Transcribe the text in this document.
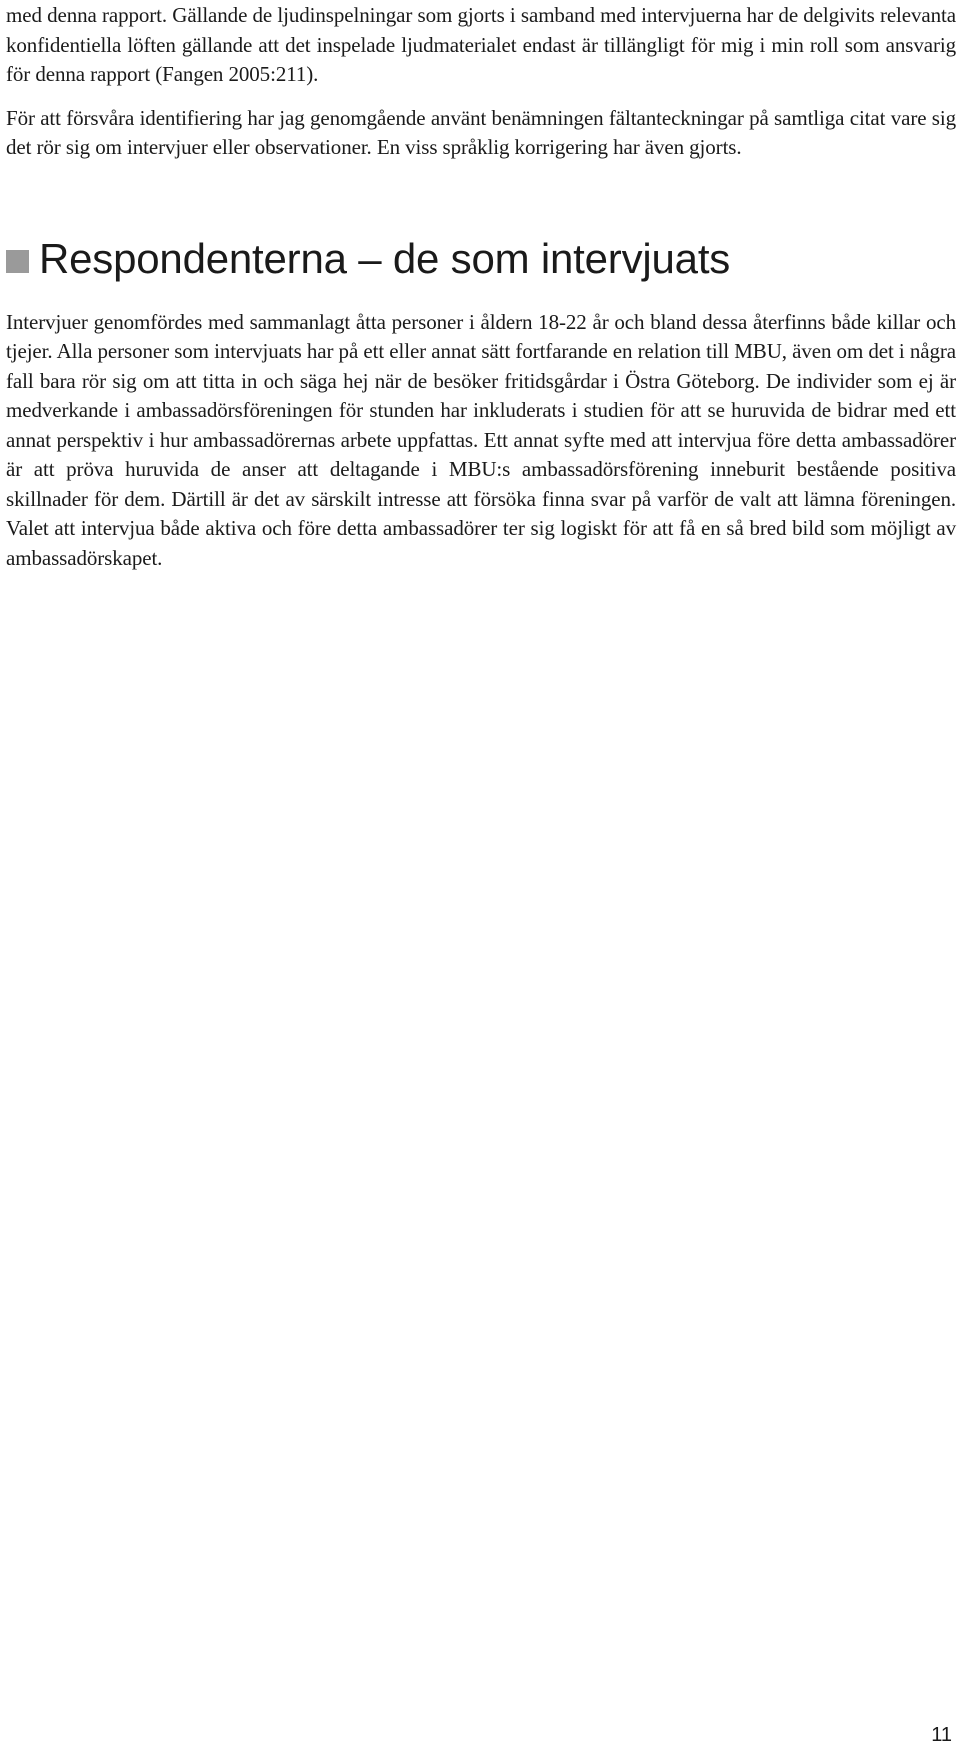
med denna rapport. Gällande de ljudinspelningar som gjorts i samband med intervjuerna har de delgivits relevanta konfidentiella löften gällande att det inspelade ljudmaterialet endast är tillängligt för mig i min roll som ansvarig för denna rapport (Fangen 2005:211).

För att försvåra identifiering har jag genomgående använt benämningen fältanteckningar på samtliga citat vare sig det rör sig om intervjuer eller observationer. En viss språklig korrigering har även gjorts.

Respondenterna – de som intervjuats

Intervjuer genomfördes med sammanlagt åtta personer i åldern 18-22 år och bland dessa återfinns både killar och tjejer. Alla personer som intervjuats har på ett eller annat sätt fortfarande en relation till MBU, även om det i några fall bara rör sig om att titta in och säga hej när de besöker fritidsgårdar i Östra Göteborg. De individer som ej är medverkande i ambassadörsföreningen för stunden har inkluderats i studien för att se huruvida de bidrar med ett annat perspektiv i hur ambassadörernas arbete uppfattas. Ett annat syfte med att intervjua före detta ambassadörer är att pröva huruvida de anser att deltagande i MBU:s ambassadörsförening inneburit bestående positiva skillnader för dem. Därtill är det av särskilt intresse att försöka finna svar på varför de valt att lämna föreningen. Valet att intervjua både aktiva och före detta ambassadörer ter sig logiskt för att få en så bred bild som möjligt av ambassadörskapet.

11
